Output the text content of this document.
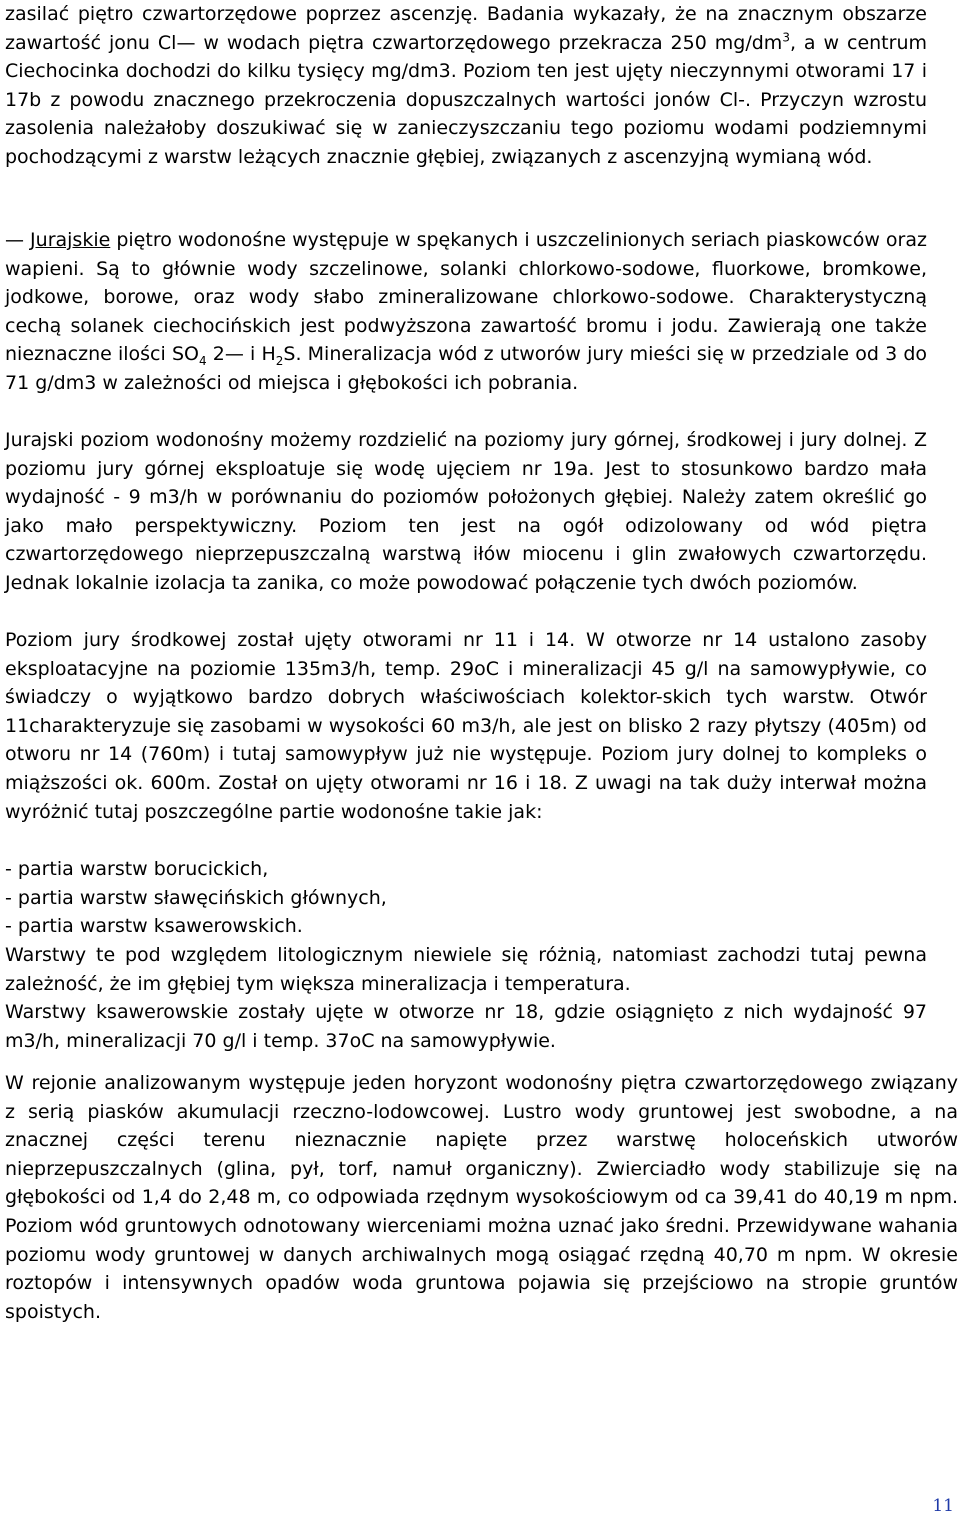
zasilać piętro czwartorzędowe poprzez ascenzję. Badania wykazały, że na znacznym obszarze zawartość jonu Cl— w wodach piętra czwartorzędowego przekracza 250 $mg/dm^3$, a w centrum Ciechocinka dochodzi do kilku tysięcy mg/dm3. Poziom ten jest ujęty nieczynnymi otworami 17 i 17b z powodu znacznego przekroczenia dopuszczalnych wartości jonów Cl-. Przyczyn wzrostu zasolenia należałoby doszukiwać się w zanieczyszczaniu tego poziomu wodami podziemnymi pochodzącymi z warstw leżących znacznie głębiej, związanych z ascenzyjną wymianą wód.

— Jurajskie piętro wodonośne występuje w spękanych i uszczelinionych seriach piaskowców oraz wapieni. Są to głównie wody szczelinowe, solanki chlorkowo-sodowe, fluorkowe, bromkowe, jodkowe, borowe, oraz wody słabo zmineralizowane chlorkowo-sodowe. Charakterystyczną cechą solanek ciechocińskich jest podwyższona zawartość bromu i jodu. Zawierają one także nieznaczne ilości $SO_4$ 2— i $H_2S$. Mineralizacja wód z utworów jury mieści się w przedziale od 3 do 71 g/dm3 w zależności od miejsca i głębokości ich pobrania.

Jurajski poziom wodonośny możemy rozdzielić na poziomy jury górnej, środkowej i jury dolnej. Z poziomu jury górnej eksploatuje się wodę ujęciem nr 19a. Jest to stosunkowo bardzo mała wydajność - 9 m3/h w porównaniu do poziomów położonych głębiej. Należy zatem określić go jako mało perspektywiczny. Poziom ten jest na ogół odizolowany od wód piętra czwartorzędowego nieprzepuszczalną warstwą iłów miocenu i glin zwałowych czwartorzędu. Jednak lokalnie izolacja ta zanika, co może powodować połączenie tych dwóch poziomów.

Poziom jury środkowej został ujęty otworami nr 11 i 14. W otworze nr 14 ustalono zasoby eksploatacyjne na poziomie 135m3/h, temp. 29oC i mineralizacji 45 g/l na samowypływie, co świadczy o wyjątkowo bardzo dobrych właściwościach kolektor-skich tych warstw. Otwór 11charakteryzuje się zasobami w wysokości 60 m3/h, ale jest on blisko 2 razy płytszy (405m) od otworu nr 14 (760m) i tutaj samowypływ już nie występuje. Poziom jury dolnej to kompleks o miąższości ok. 600m. Został on ujęty otworami nr 16 i 18. Z uwagi na tak duży interwał można wyróżnić tutaj poszczególne partie wodonośne takie jak:

- partia warstw borucickich,
- partia warstw sławęcińskich głównych,
- partia warstw ksawerowskich.

Warstwy te pod względem litologicznym niewiele się różnią, natomiast zachodzi tutaj pewna zależność, że im głębiej tym większa mineralizacja i temperatura.

Warstwy ksawerowskie zostały ujęte w otworze nr 18, gdzie osiągnięto z nich wydajność 97 m3/h, mineralizacji 70 g/l i temp. 37oC na samowypływie.

W rejonie analizowanym występuje jeden horyzont wodonośny piętra czwartorzędowego związany z serią piasków akumulacji rzeczno-lodowcowej. Lustro wody gruntowej jest swobodne, a na znacznej części terenu nieznacznie napięte przez warstwę holoceńskich utworów nieprzepuszczalnych (glina, pył, torf, namuł organiczny). Zwierciadło wody stabilizuje się na głębokości od 1,4 do 2,48 m, co odpowiada rzędnym wysokościowym od ca 39,41 do 40,19 m npm. Poziom wód gruntowych odnotowany wierceniami można uznać jako średni. Przewidywane wahania poziomu wody gruntowej w danych archiwalnych mogą osiągać rzędną 40,70 m npm. W okresie roztopów i intensywnych opadów woda gruntowa pojawia się przejściowo na stropie gruntów spoistych.

11
